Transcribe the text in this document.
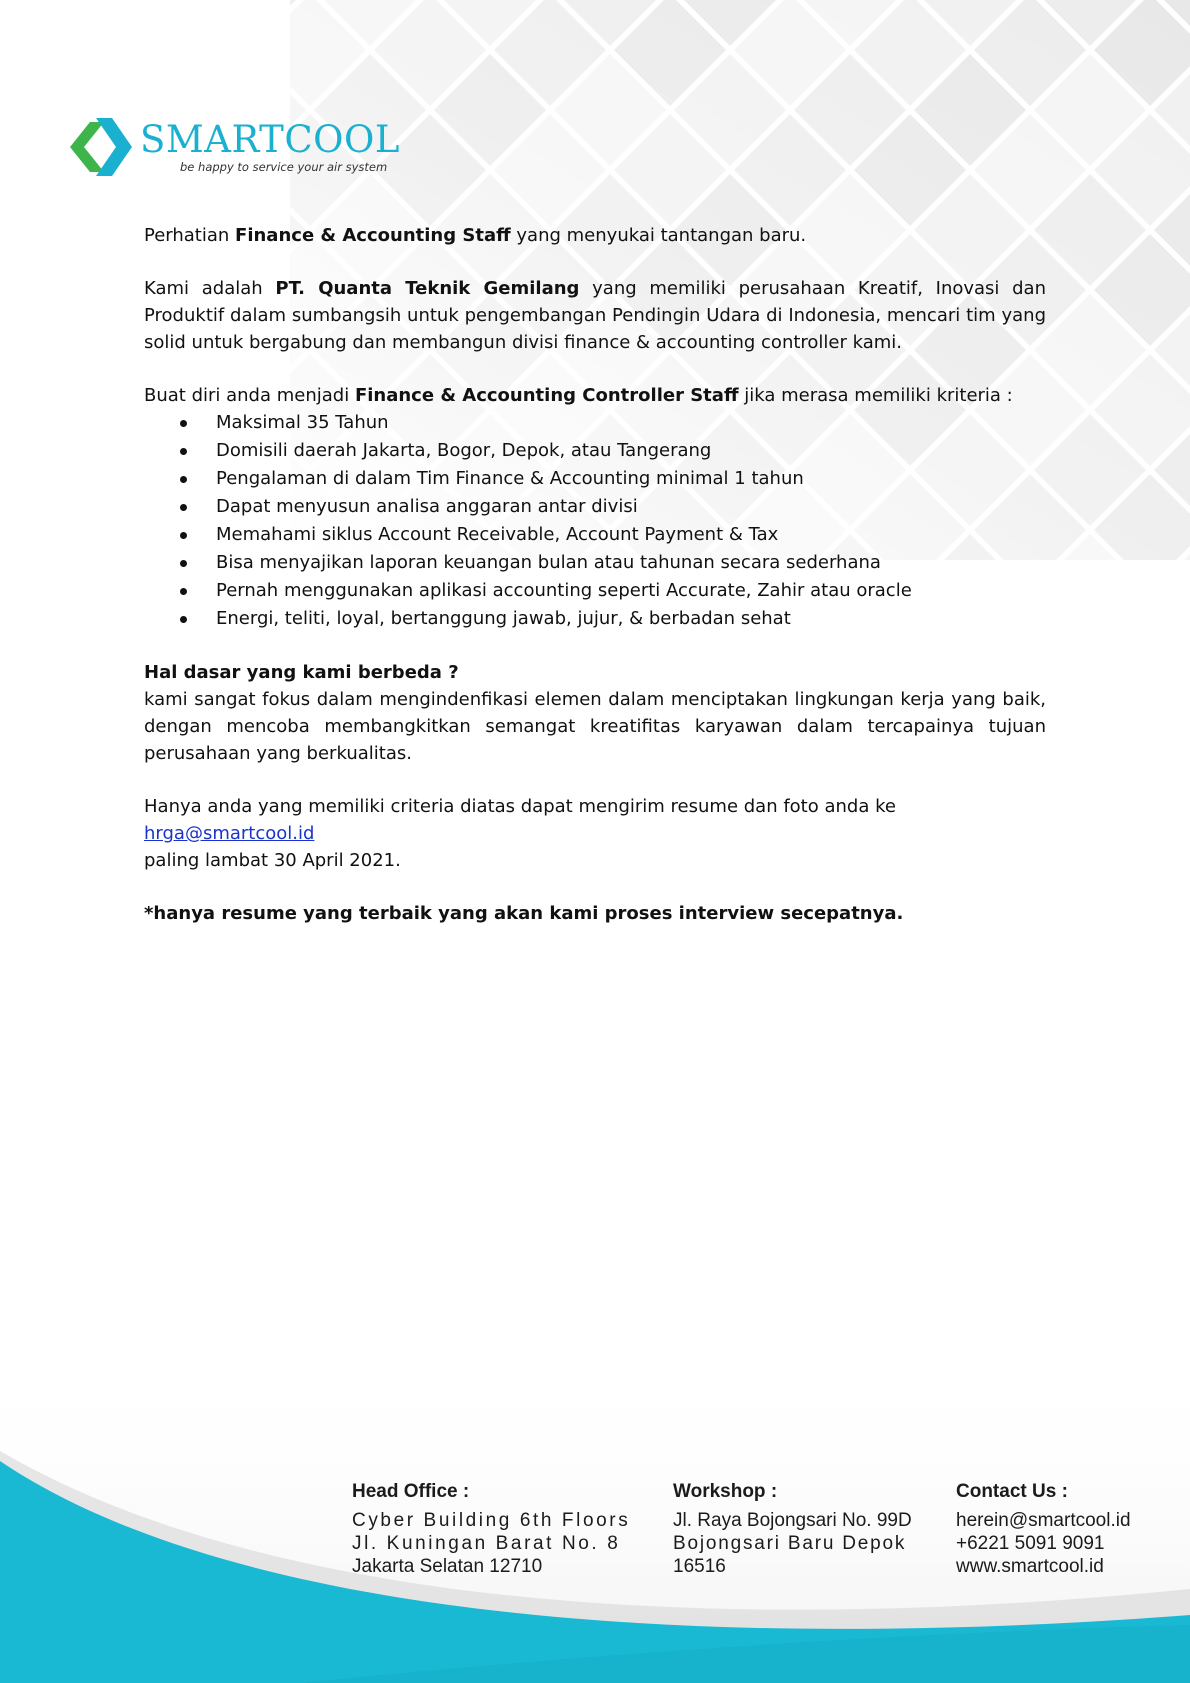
SMARTCOOL
be happy to service your air system

Perhatian Finance & Accounting Staff yang menyukai tantangan baru.

Kami adalah PT. Quanta Teknik Gemilang yang memiliki perusahaan Kreatif, Inovasi dan Produktif dalam sumbangsih untuk pengembangan Pendingin Udara di Indonesia, mencari tim yang solid untuk bergabung dan membangun divisi finance & accounting controller kami.

Buat diri anda menjadi Finance & Accounting Controller Staff jika merasa memiliki kriteria :

Maksimal 35 Tahun
Domisili daerah Jakarta, Bogor, Depok, atau Tangerang
Pengalaman di dalam Tim Finance & Accounting minimal 1 tahun
Dapat menyusun analisa anggaran antar divisi
Memahami siklus Account Receivable, Account Payment & Tax
Bisa menyajikan laporan keuangan bulan atau tahunan secara sederhana
Pernah menggunakan aplikasi accounting seperti Accurate, Zahir atau oracle
Energi, teliti, loyal, bertanggung jawab, jujur, & berbadan sehat

Hal dasar yang kami berbeda ?
kami sangat fokus dalam mengindenfikasi elemen dalam menciptakan lingkungan kerja yang baik, dengan mencoba membangkitkan semangat kreatifitas karyawan dalam tercapainya tujuan perusahaan yang berkualitas.

Hanya anda yang memiliki criteria diatas dapat mengirim resume dan foto anda ke hrga@smartcool.id
paling lambat 30 April 2021.

*hanya resume yang terbaik yang akan kami proses interview secepatnya.

Head Office :
Cyber Building 6th Floors
Jl. Kuningan Barat No. 8
Jakarta Selatan 12710
Workshop :
Jl. Raya Bojongsari No. 99D
Bojongsari Baru Depok
16516
Contact Us :
herein@smartcool.id
+6221 5091 9091
www.smartcool.id
